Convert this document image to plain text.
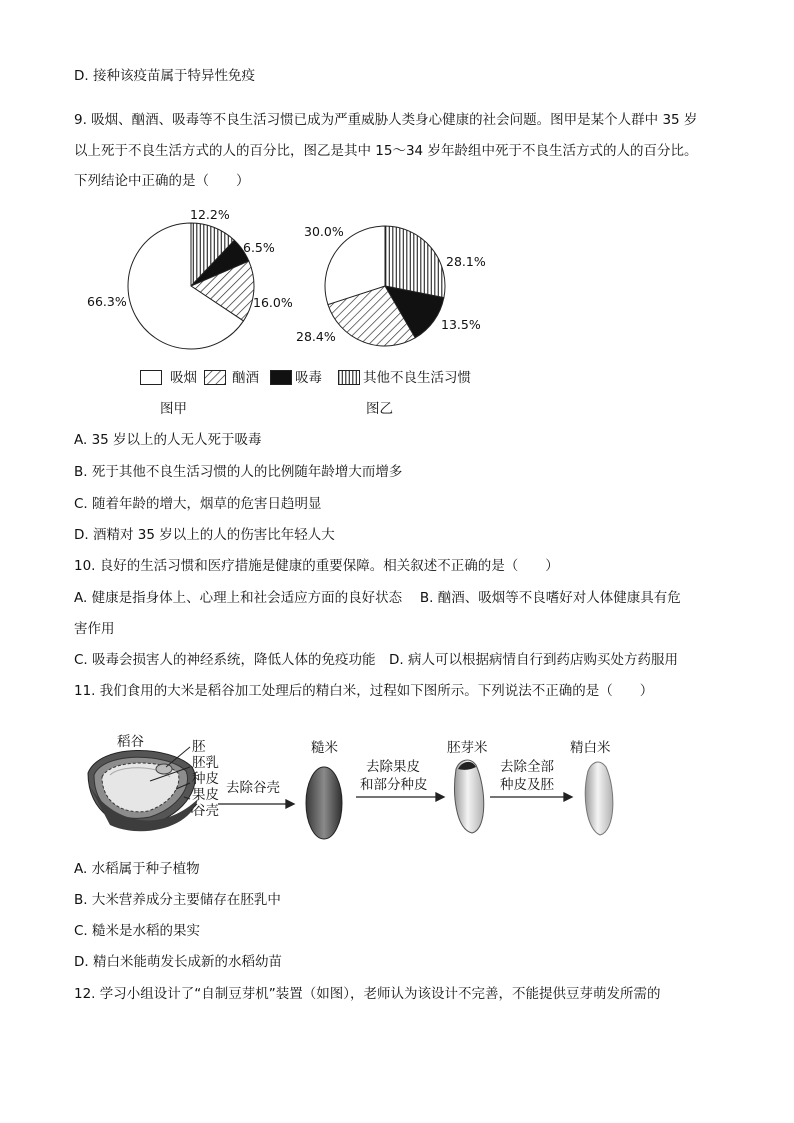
D. 接种该疫苗属于特异性免疫
9. 吸烟、酗酒、吸毒等不良生活习惯已成为严重威胁人类身心健康的社会问题。图甲是某个人群中 35 岁
以上死于不良生活方式的人的百分比，图乙是其中 15～34 岁年龄组中死于不良生活方式的人的百分比。
下列结论中正确的是（　　）
12.2%
6.5%
16.0%
66.3%
30.0%
28.1%
13.5%
28.4%
吸烟	酗酒	吸毒	其他不良生活习惯
图甲	图乙
A. 35 岁以上的人无人死于吸毒
B. 死于其他不良生活习惯的人的比例随年龄增大而增多
C. 随着年龄的增大，烟草的危害日趋明显
D. 酒精对 35 岁以上的人的伤害比年轻人大
10. 良好的生活习惯和医疗措施是健康的重要保障。相关叙述不正确的是（　　）
A. 健康是指身体上、心理上和社会适应方面的良好状态　 B. 酗酒、吸烟等不良嗜好对人体健康具有危
害作用
C. 吸毒会损害人的神经系统，降低人体的免疫功能　D. 病人可以根据病情自行到药店购买处方药服用
11. 我们食用的大米是稻谷加工处理后的精白米，过程如下图所示。下列说法不正确的是（　　）
稻谷	胚
胚乳
种皮
果皮
谷壳
去除谷壳
糙米
去除果皮
和部分种皮
胚芽米
去除全部
种皮及胚
精白米
A. 水稻属于种子植物
B. 大米营养成分主要储存在胚乳中
C. 糙米是水稻的果实
D. 精白米能萌发长成新的水稻幼苗
12. 学习小组设计了“自制豆芽机”装置（如图），老师认为该设计不完善，不能提供豆芽萌发所需的
